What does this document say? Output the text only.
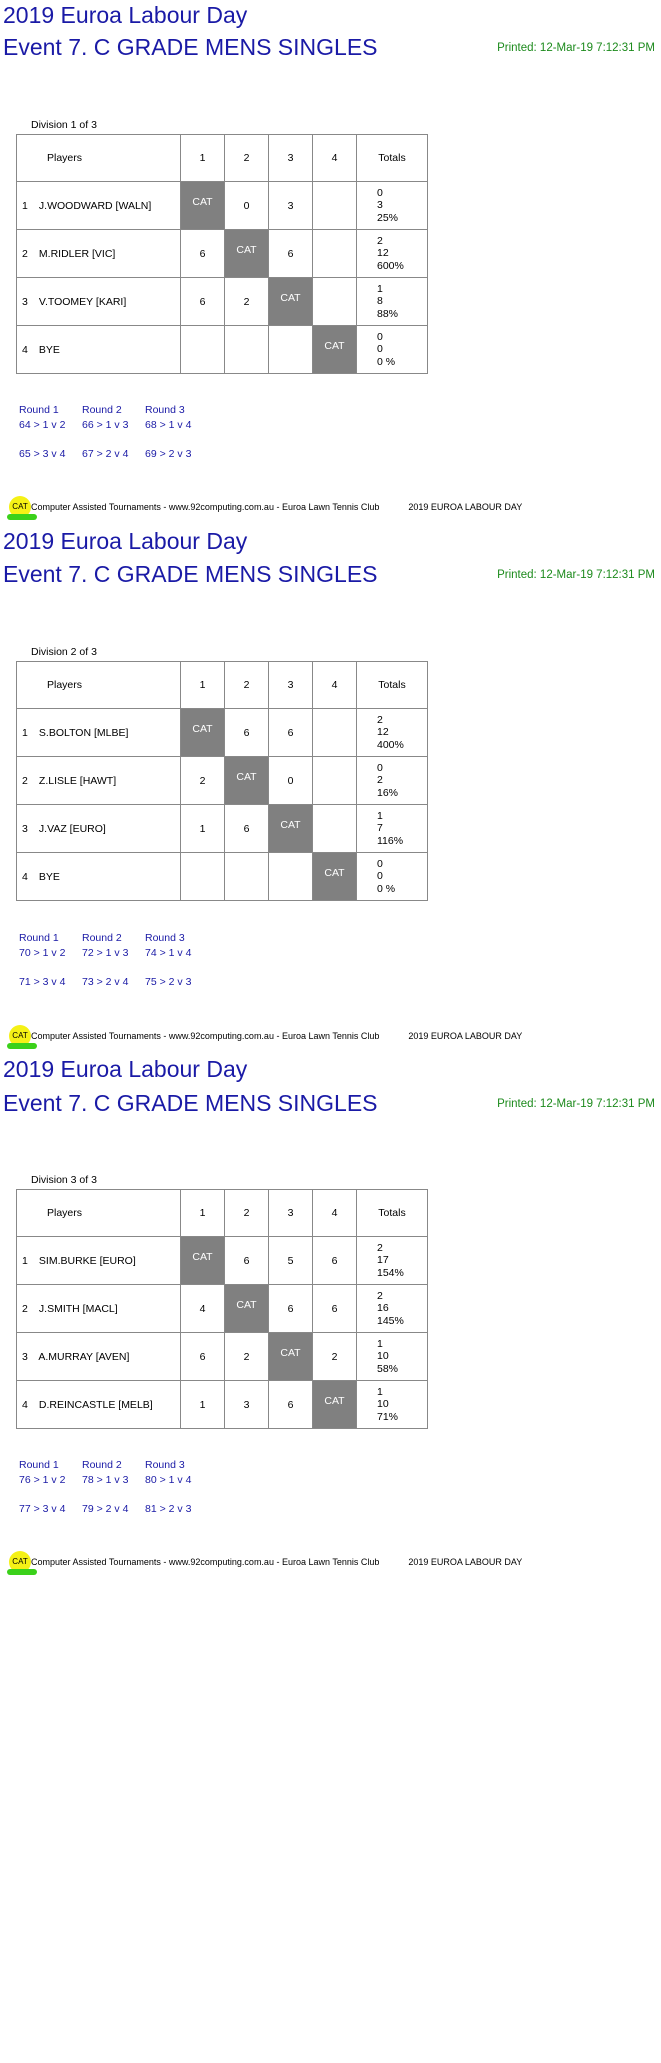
2019 Euroa Labour Day
Event 7. C GRADE MENS SINGLES	Printed: 12-Mar-19 7:12:31 PM
Division 1 of 3
Players	1	2	3	4	Totals
1 J.WOODWARD [WALN]	CAT	0	3		0
3
25%

2 M.RIDLER [VIC]	6	CAT	6		2
12
600%

3 V.TOOMEY [KARI]	6	2	CAT		1
8
88%

4 BYE				CAT	0
0
0 %
Round 1 Round 2 Round 3
64 > 1 v 2 66 > 1 v 3 68 > 1 v 4
65 > 3 v 4 67 > 2 v 4 69 > 2 v 3
CAT Computer Assisted Tournaments - www.92computing.com.au - Euroa Lawn Tennis Club	2019 EUROA LABOUR DAY
2019 Euroa Labour Day
Event 7. C GRADE MENS SINGLES	Printed: 12-Mar-19 7:12:31 PM
Division 2 of 3
Players	1	2	3	4	Totals
1 S.BOLTON [MLBE]	CAT	6	6		2
12
400%

2 Z.LISLE [HAWT]	2	CAT	0		0
2
16%

3 J.VAZ [EURO]	1	6	CAT		1
7
116%

4 BYE				CAT	0
0
0 %
Round 1 Round 2 Round 3
70 > 1 v 2 72 > 1 v 3 74 > 1 v 4
71 > 3 v 4 73 > 2 v 4 75 > 2 v 3
CAT Computer Assisted Tournaments - www.92computing.com.au - Euroa Lawn Tennis Club	2019 EUROA LABOUR DAY
2019 Euroa Labour Day
Event 7. C GRADE MENS SINGLES	Printed: 12-Mar-19 7:12:31 PM
Division 3 of 3
Players	1	2	3	4	Totals
1 SIM.BURKE [EURO]	CAT	6	5	6	2
17
154%

2 J.SMITH [MACL]	4	CAT	6	6	2
16
145%

3 A.MURRAY [AVEN]	6	2	CAT	2	1
10
58%

4 D.REINCASTLE [MELB]	1	3	6	CAT	1
10
71%
Round 1 Round 2 Round 3
76 > 1 v 2 78 > 1 v 3 80 > 1 v 4
77 > 3 v 4 79 > 2 v 4 81 > 2 v 3
CAT Computer Assisted Tournaments - www.92computing.com.au - Euroa Lawn Tennis Club	2019 EUROA LABOUR DAY
